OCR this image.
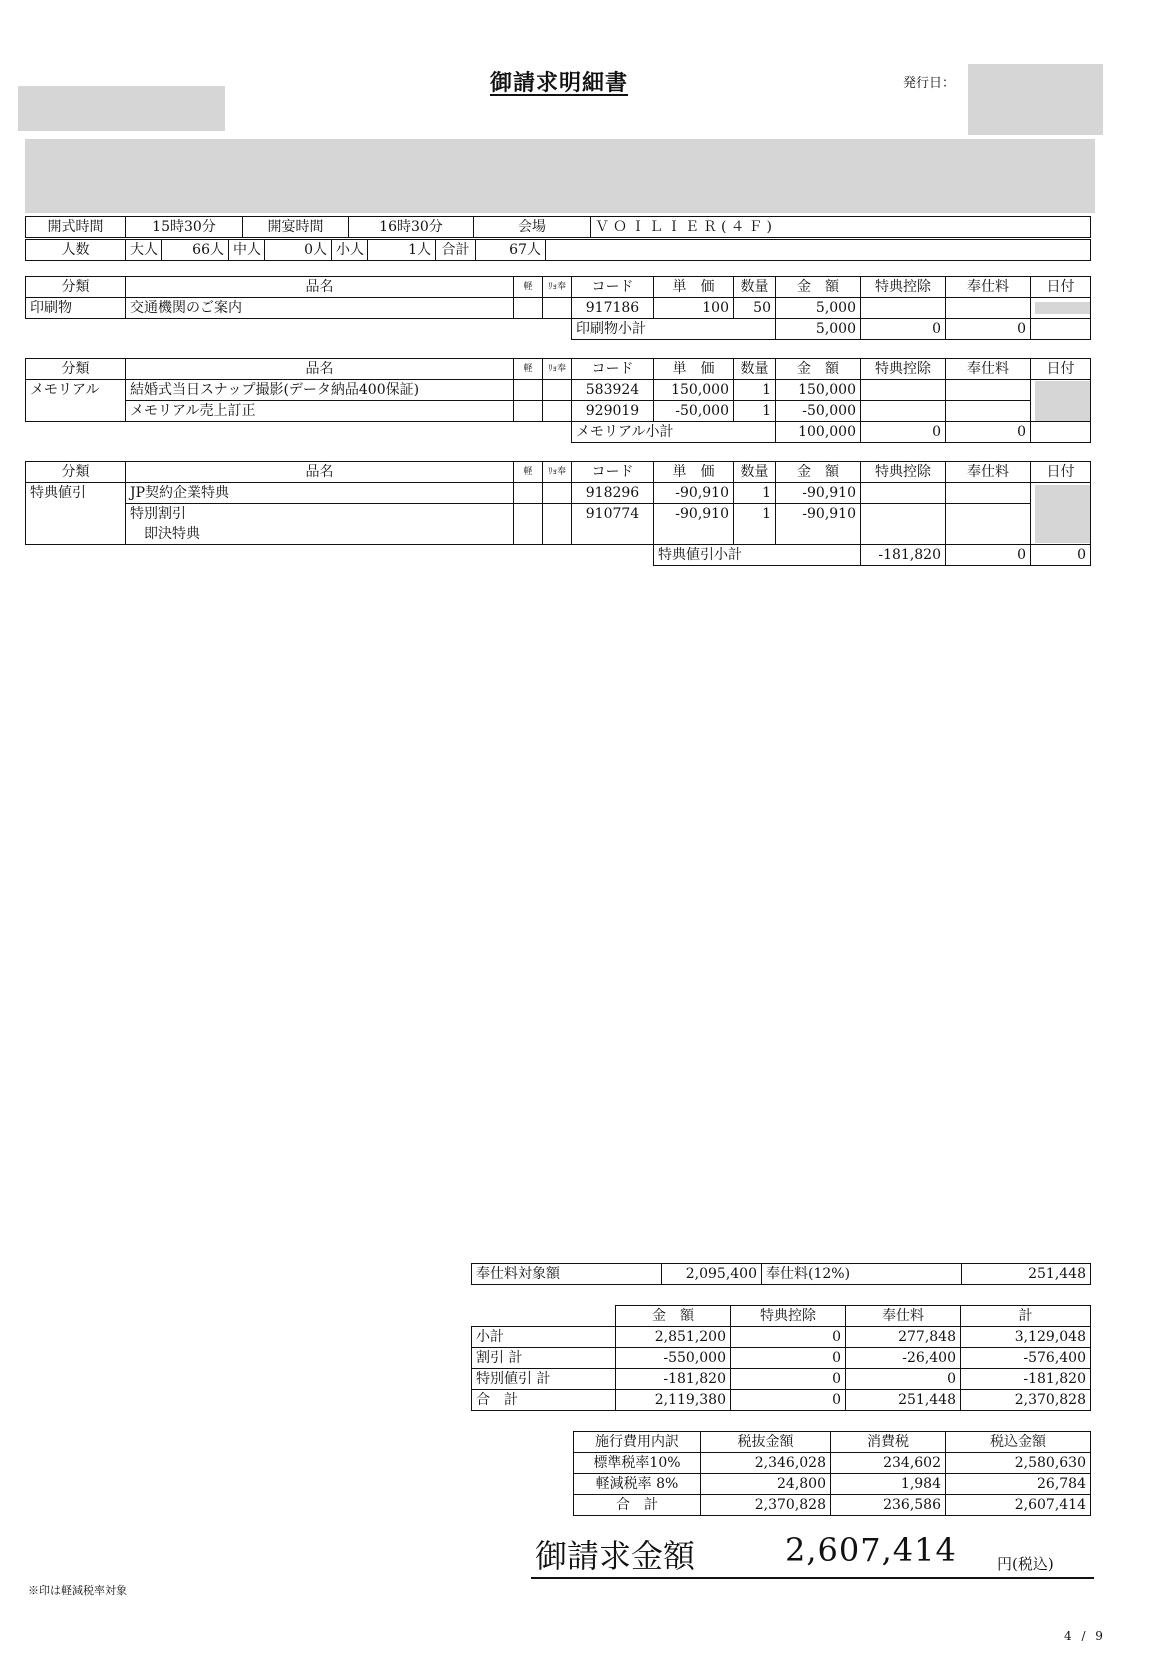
御請求明細書	発行日：
開式時間	15時30分	開宴時間	16時30分	会場	ＶＯＩＬＩＥＲ(４Ｆ)
人数	大人	66人	中人	0人	小人	1人	合計	67人	
分類	品名	軽	ﾘｮ奉	コード	単　価	数量	金　額	特典控除	奉仕料	日付
印刷物	交通機関のご案内			917186	100	50	5,000			

				印刷物小計			5,000	0	0	
分類	品名	軽	ﾘｮ奉	コード	単　価	数量	金　額	特典控除	奉仕料	日付
メモリアル	結婚式当日スナップ撮影(データ納品400保証)			583924	150,000	1	150,000			

	メモリアル売上訂正			929019	-50,000	1	-50,000			
				メモリアル小計			100,000	0	0	
分類	品名	軽	ﾘｮ奉	コード	単　価	数量	金　額	特典控除	奉仕料	日付	
特典値引	JP契約企業特典			918296	-90,910	1	-90,910				

	特別割引			910774	-90,910	1	-90,910				
	　即決特典										
					特典値引小計			-181,820	0	0	
奉仕料対象額	2,095,400	奉仕料(12%)	251,448
	金　額	特典控除	奉仕料	計
小計	2,851,200	0	277,848	3,129,048
割引 計	-550,000	0	-26,400	-576,400
特別値引 計	-181,820	0	0	-181,820
合　計	2,119,380	0	251,448	2,370,828
施行費用内訳	税抜金額	消費税	税込金額
標準税率10%	2,346,028	234,602	2,580,630
軽減税率 8%	24,800	1,984	26,784
合　計	2,370,828	236,586	2,607,414
御請求金額	2,607,414	円(税込)
※印は軽減税率対象
4 / 9
